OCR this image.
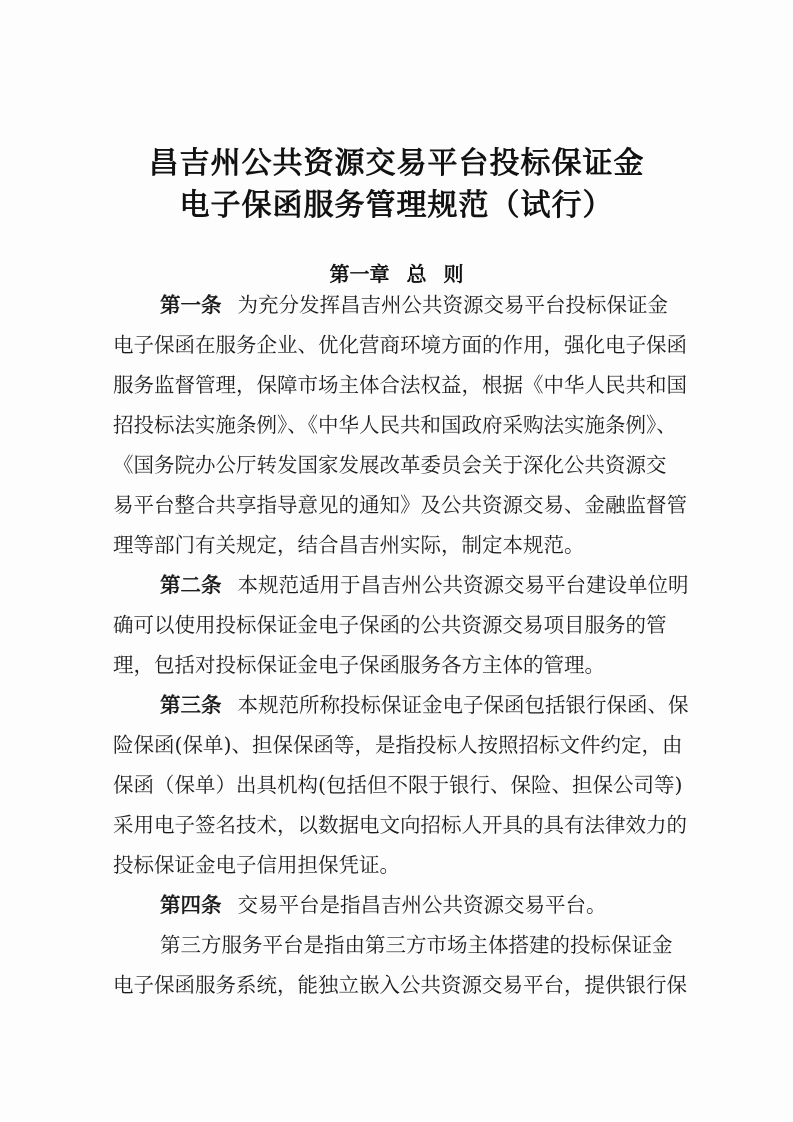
昌吉州公共资源交易平台投标保证金
电子保函服务管理规范（试行）
第一章 总 则
第一条 为充分发挥昌吉州公共资源交易平台投标保证金
电子保函在服务企业、优化营商环境方面的作用，强化电子保函
服务监督管理，保障市场主体合法权益，根据《中华人民共和国
招投标法实施条例》、《中华人民共和国政府采购法实施条例》、
《国务院办公厅转发国家发展改革委员会关于深化公共资源交
易平台整合共享指导意见的通知》及公共资源交易、金融监督管
理等部门有关规定，结合昌吉州实际，制定本规范。
第二条 本规范适用于昌吉州公共资源交易平台建设单位明
确可以使用投标保证金电子保函的公共资源交易项目服务的管
理，包括对投标保证金电子保函服务各方主体的管理。
第三条 本规范所称投标保证金电子保函包括银行保函、保
险保函(保单)、担保保函等，是指投标人按照招标文件约定，由
保函（保单）出具机构(包括但不限于银行、保险、担保公司等)
采用电子签名技术，以数据电文向招标人开具的具有法律效力的
投标保证金电子信用担保凭证。
第四条 交易平台是指昌吉州公共资源交易平台。
第三方服务平台是指由第三方市场主体搭建的投标保证金
电子保函服务系统，能独立嵌入公共资源交易平台，提供银行保
